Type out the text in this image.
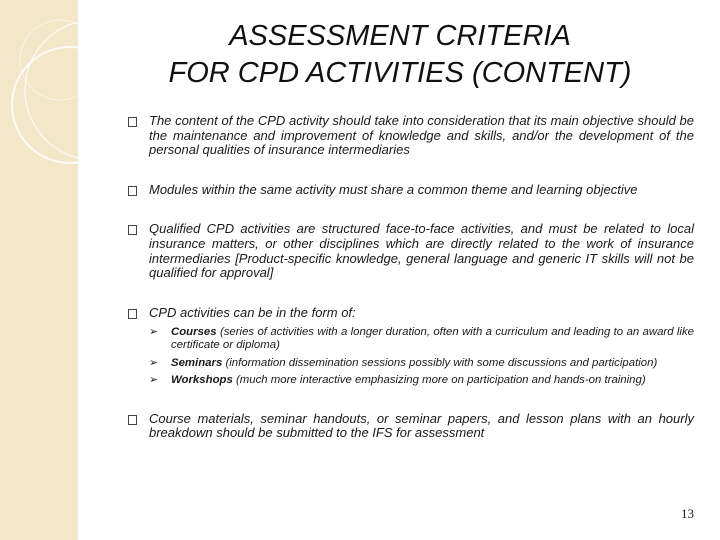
ASSESSMENT CRITERIA
FOR CPD ACTIVITIES (CONTENT)
The content of the CPD activity should take into consideration that its main objective should be the maintenance and improvement of knowledge and skills, and/or the development of the personal qualities of insurance intermediaries
Modules within the same activity must share a common theme and learning objective
Qualified CPD activities are structured face-to-face activities, and must be related to local insurance matters, or other disciplines which are directly related to the work of insurance intermediaries [Product-specific knowledge, general language and generic IT skills will not be qualified for approval]
CPD activities can be in the form of:
➢ Courses (series of activities with a longer duration, often with a curriculum and leading to an award like certificate or diploma)
➢ Seminars (information dissemination sessions possibly with some discussions and participation)
➢ Workshops (much more interactive emphasizing more on participation and hands-on training)
Course materials, seminar handouts, or seminar papers, and lesson plans with an hourly breakdown should be submitted to the IFS for assessment
13
